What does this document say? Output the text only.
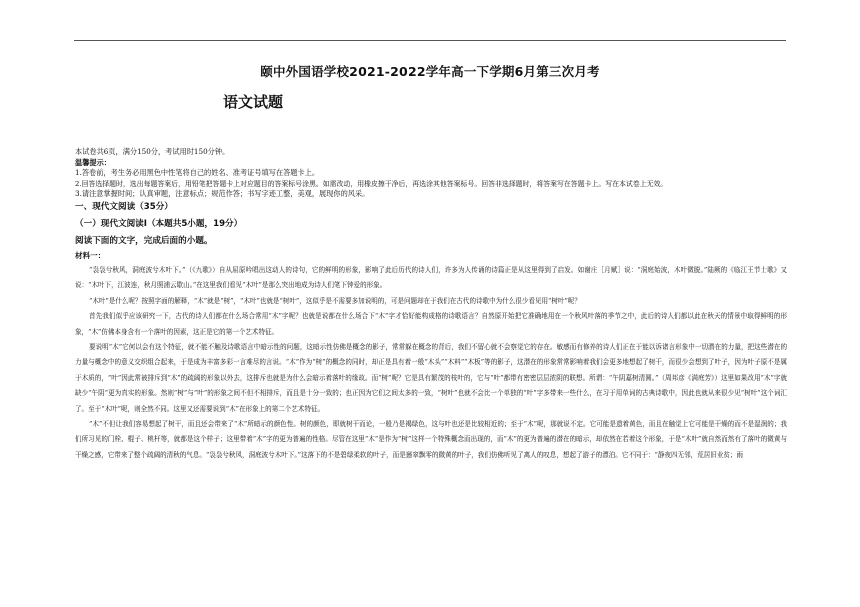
颐中外国语学校2021-2022学年高一下学期6月第三次月考
语文试题
本试卷共6页，满分150分，考试用时150分钟。
温馨提示：
1.答卷前，考生务必用黑色中性笔将自己的姓名、准考证号填写在答题卡上。
2.回答选择题时，选出每题答案后，用铅笔把答题卡上对应题目的答案标号涂黑。如需改动，用橡皮擦干净后，再选涂其他答案标号。回答非选择题时，将答案写在答题卡上。写在本试卷上无效。
3.请注意掌握时间；认真审题，注意标点；规范作答；书写字迹工整，美观，展现你的风采。
一、现代文阅读（35分）
（一）现代文阅读Ⅰ（本题共5小题，19分）
阅读下面的文字，完成后面的小题。
材料一：
“袅袅兮秋风，洞庭波兮木叶下。”（《九歌》）自从屈原吟唱出这动人的诗句，它的鲜明的形象，影响了此后历代的诗人们，许多为人传诵的诗篇正是从这里得到了启发。如谢庄［月赋］说：“洞庭始波，木叶微脱。”陆厥的《临江王节士歌》又说：“木叶下，江波连，秋月照浦云歇山。”在这里我们看见“木叶”是那么突出地成为诗人们笔下钟爱的形象。
“木叶”是什么呢？按照字面的解释，“木”就是“树”，“木叶”也就是“树叶”，这似乎是不需要多加说明的，可是问题却在于我们在古代的诗歌中为什么很少看见用“树叶”呢？
首先我们似乎应该研究一下，古代的诗人们都在什么场合常用“木”字呢？也就是说都在什么场合下“木”字才恰好能构成格的诗歌语言？自然原开始把它准确地用在一个秋风叶落的季节之中，此后的诗人们都以此在秋天的情景中取得鲜明的形象，“木”仿佛本身含有一个落叶的因素，这正是它的第一个艺术特征。
要说明“木”它何以会有这个特征，就不能不触及诗歌语言中暗示性的问题，这暗示性仿佛是概念的影子，常常躲在概念的背后，我们不留心就不会察觉它的存在。敏感而有修养的诗人们正在于能以诉诸言形象中一切潜在的力量，把这些潜在的力量与概念中的意义交织组合起来，于是成为丰富多彩一言难尽的言说。“木”作为“树”的概念的同时，却正是具有着一般“木头”“木料”“木板”等的影子，这潜在的形象常常影响着我们会更多地想起了树干，而很少会想到了叶子，因为叶子原不是属于木质的，“叶”因此常被排斥到“木”的疏阔的形象以外去，这排斥也就是为什么会暗示着落叶的缘故。而“树”呢？它是具有繁茂的枝叶的，它与“叶”都带有密密层层浓阴的联想。所谓：“午阴嘉树清圆。”（周邦彦《满庭芳》）这里如果改用“木”字就缺少“午阴”更为真实的形象。然则“树”与“叶”的形象之间不但不相排斥，而且是十分一致的；也正因为它们之间太多的一致，“树叶”也就不会比一个单独的“叶”字多带来一些什么，在习于用单词的古典诗歌中，因此也就从来很少见“树叶”这个词汇了。至于“木叶”呢，则全然不同。这里又还需要说到“木”在形象上的第二个艺术特征。
“木”不但让我们容易想起了树干，而且还会带来了“木”所暗示的颜色性。树的颜色，即就树干而论，一般乃是褐绿色，这与叶也还是比较相近的；至于“木”呢，那就说不定。它可能是遗着黄色，而且在触觉上它可能是干燥的而不是湿润的；我们所习见的门栓、棍子、桃杆等，就都是这个样子；这里带着“木”字的更为普遍的性格。尽管在这里“木”是作为“树”这样一个特殊概念而出现的，而“木”的更为普遍的潜在的暗示，却依然在若着这个形象，于是“木叶”就自然而然有了落叶的微黄与干燥之感，它带来了整个疏阔的清秋的气息。“袅袅兮秋风，洞庭波兮木叶下。”这落下的不是碧绿柔软的叶子，而是窸窣飘零的微黄的叶子，我们仿佛听见了离人的叹息，想起了游子的漂泊。它不同于：“静夜四无邻，荒居旧业贫；雨
